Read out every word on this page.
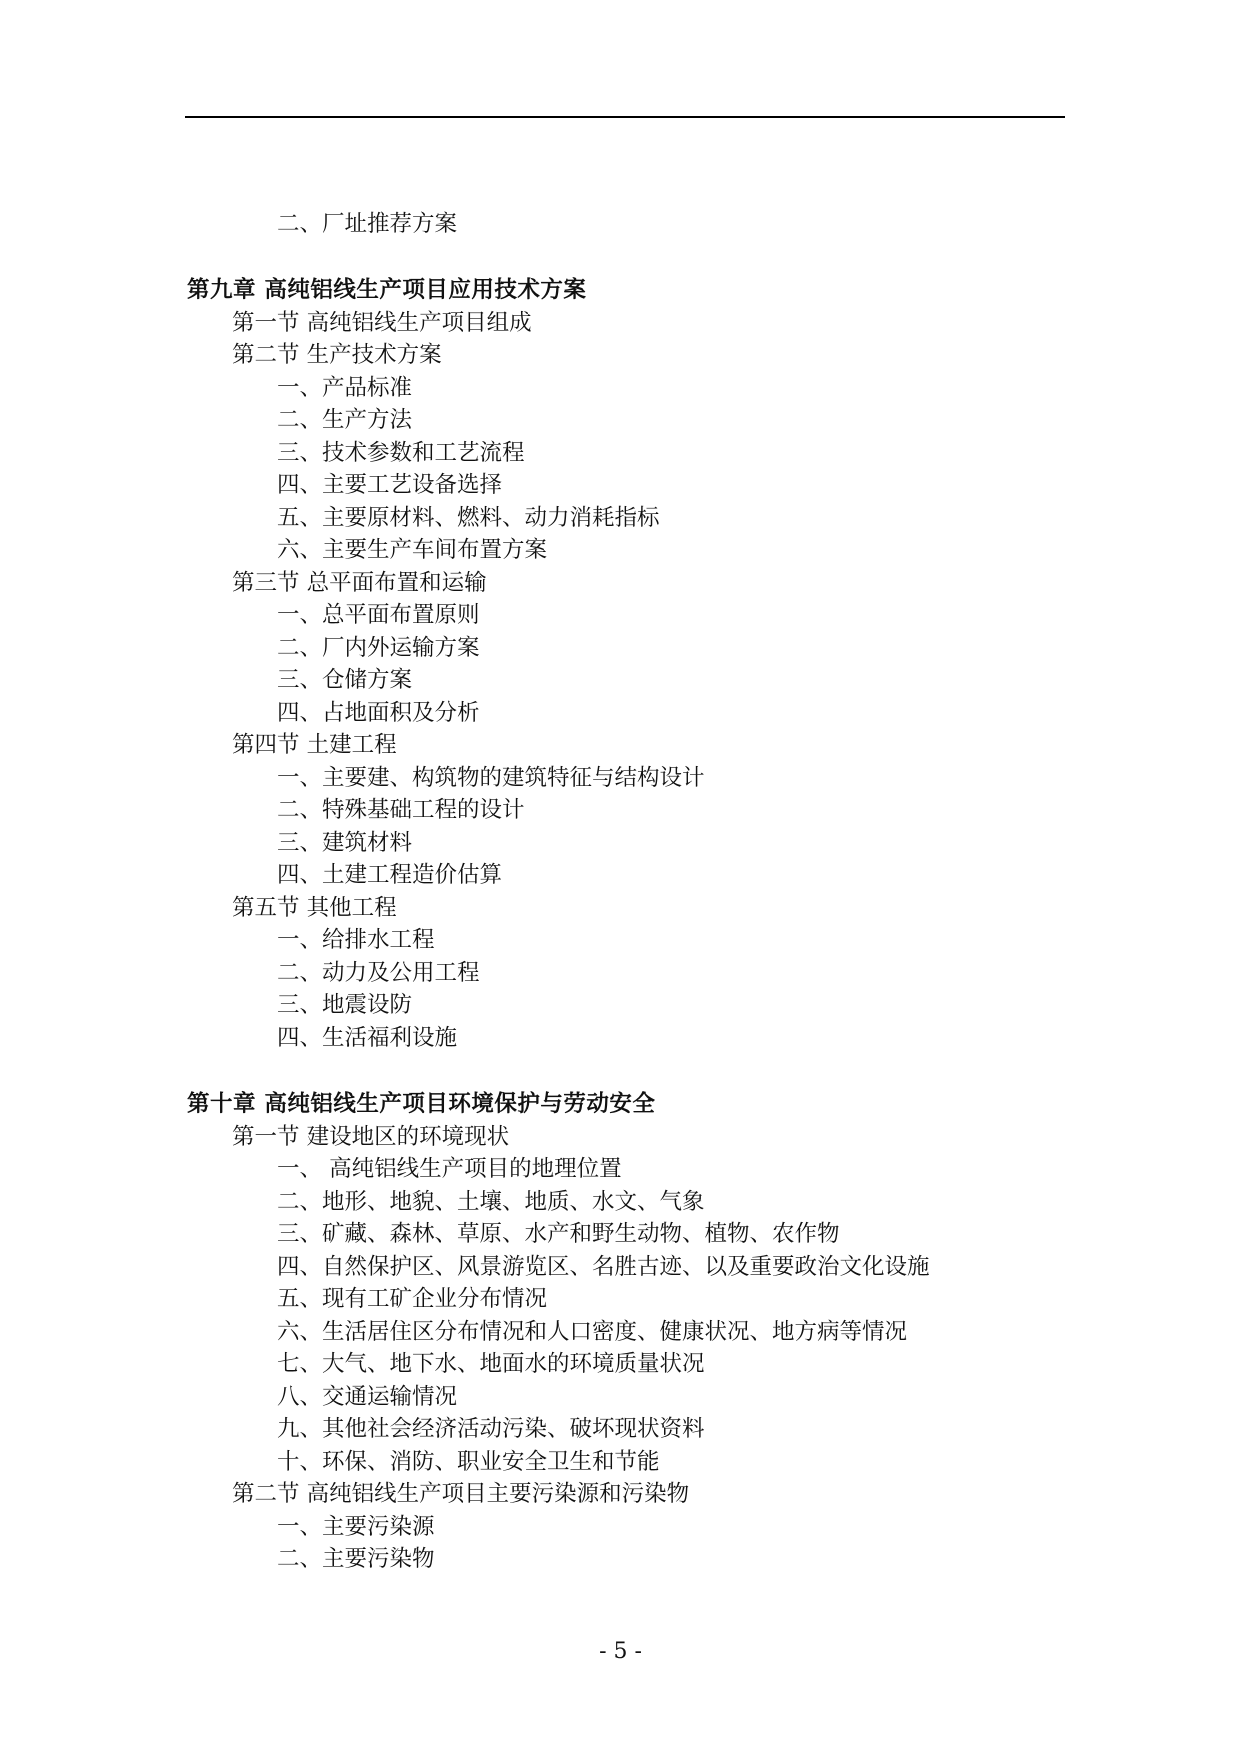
二、厂址推荐方案
第九章 高纯铝线生产项目应用技术方案
第一节 高纯铝线生产项目组成
第二节 生产技术方案
一、产品标准
二、生产方法
三、技术参数和工艺流程
四、主要工艺设备选择
五、主要原材料、燃料、动力消耗指标
六、主要生产车间布置方案
第三节 总平面布置和运输
一、总平面布置原则
二、厂内外运输方案
三、仓储方案
四、占地面积及分析
第四节 土建工程
一、主要建、构筑物的建筑特征与结构设计
二、特殊基础工程的设计
三、建筑材料
四、土建工程造价估算
第五节 其他工程
一、给排水工程
二、动力及公用工程
三、地震设防
四、生活福利设施
第十章 高纯铝线生产项目环境保护与劳动安全
第一节 建设地区的环境现状
一、 高纯铝线生产项目的地理位置
二、地形、地貌、土壤、地质、水文、气象
三、矿藏、森林、草原、水产和野生动物、植物、农作物
四、自然保护区、风景游览区、名胜古迹、以及重要政治文化设施
五、现有工矿企业分布情况
六、生活居住区分布情况和人口密度、健康状况、地方病等情况
七、大气、地下水、地面水的环境质量状况
八、交通运输情况
九、其他社会经济活动污染、破坏现状资料
十、环保、消防、职业安全卫生和节能
第二节 高纯铝线生产项目主要污染源和污染物
一、主要污染源
二、主要污染物
- 5 -
